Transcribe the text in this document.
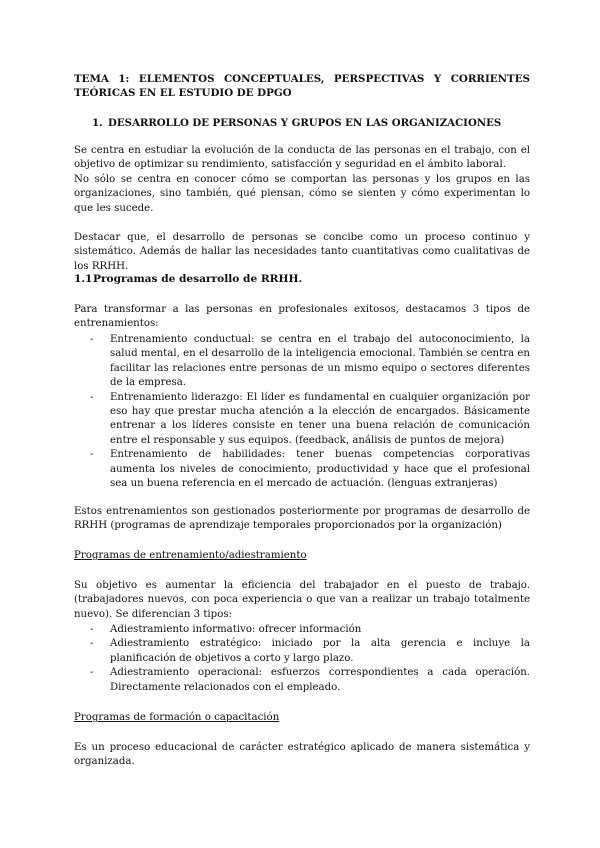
TEMA 1: ELEMENTOS CONCEPTUALES, PERSPECTIVAS Y CORRIENTES TEÓRICAS EN EL ESTUDIO DE DPGO
1. DESARROLLO DE PERSONAS Y GRUPOS EN LAS ORGANIZACIONES

Se centra en estudiar la evolución de la conducta de las personas en el trabajo, con el objetivo de optimizar su rendimiento, satisfacción y seguridad en el ámbito laboral.

No sólo se centra en conocer cómo se comportan las personas y los grupos en las organizaciones, sino también, qué piensan, cómo se sienten y cómo experimentan lo que les sucede.

Destacar que, el desarrollo de personas se concibe como un proceso continuo y sistemático. Además de hallar las necesidades tanto cuantitativas como cualitativas de los RRHH.
1.1Programas de desarrollo de RRHH.
Para transformar a las personas en profesionales exitosos, destacamos 3 tipos de entrenamientos:
- Entrenamiento conductual: se centra en el trabajo del autoconocimiento, la salud mental, en el desarrollo de la inteligencia emocional. También se centra en facilitar las relaciones entre personas de un mismo equipo o sectores diferentes de la empresa.
- Entrenamiento liderazgo: El líder es fundamental en cualquier organización por eso hay que prestar mucha atención a la elección de encargados. Básicamente entrenar a los líderes consiste en tener una buena relación de comunicación entre el responsable y sus equipos. (feedback, análisis de puntos de mejora)
- Entrenamiento de habilidades: tener buenas competencias corporativas aumenta los niveles de conocimiento, productividad y hace que el profesional sea un buena referencia en el mercado de actuación. (lenguas extranjeras)
Estos entrenamientos son gestionados posteriormente por programas de desarrollo de RRHH (programas de aprendizaje temporales proporcionados por la organización)
Programas de entrenamiento/adiestramiento
Su objetivo es aumentar la eficiencia del trabajador en el puesto de trabajo. (trabajadores nuevos, con poca experiencia o que van a realizar un trabajo totalmente nuevo). Se diferencian 3 tipos:
- Adiestramiento informativo: ofrecer información
- Adiestramiento estratégico: iniciado por la alta gerencia e incluye la planificación de objetivos a corto y largo plazo.
- Adiestramiento operacional: esfuerzos correspondientes a cada operación. Directamente relacionados con el empleado.
Programas de formación o capacitación
Es un proceso educacional de carácter estratégico aplicado de manera sistemática y organizada.
